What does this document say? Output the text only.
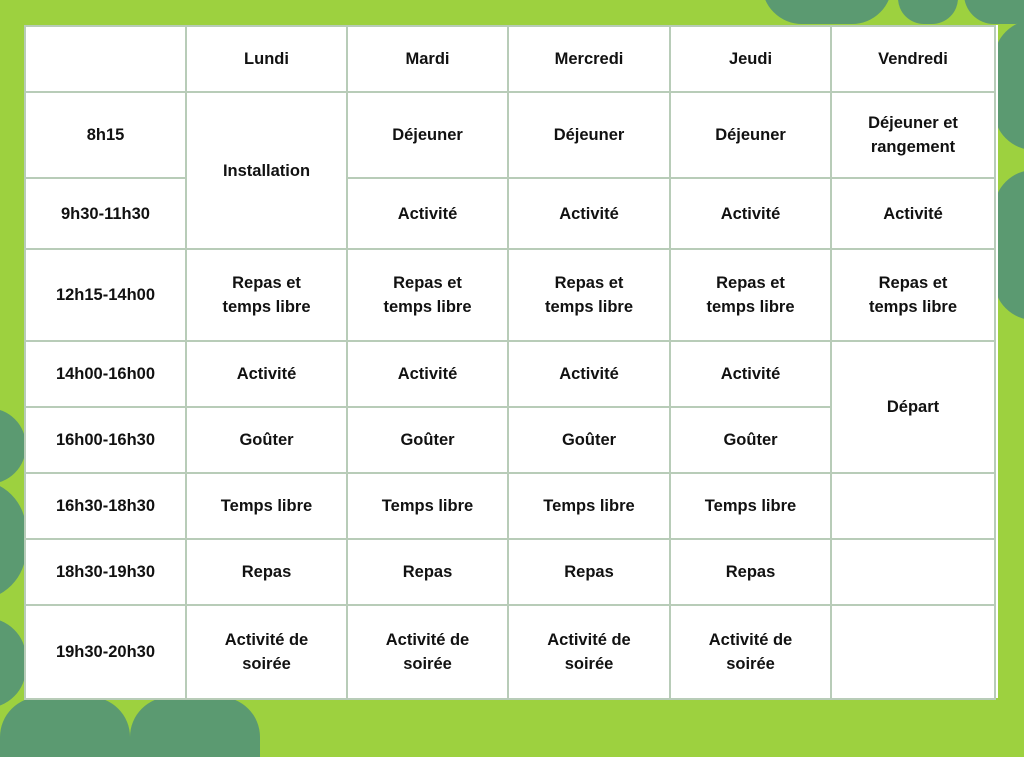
	Lundi	Mardi	Mercredi	Jeudi	Vendredi
8h15	Installation	Déjeuner	Déjeuner	Déjeuner	Déjeuner et
rangement
9h30-11h30		Activité	Activité	Activité	Activité
12h15-14h00	Repas et
temps libre	Repas et
temps libre	Repas et
temps libre	Repas et
temps libre	Repas et
temps libre
14h00-16h00	Activité	Activité	Activité	Activité	Départ
16h00-16h30	Goûter	Goûter	Goûter	Goûter	
16h30-18h30	Temps libre	Temps libre	Temps libre	Temps libre	
18h30-19h30	Repas	Repas	Repas	Repas	
19h30-20h30	Activité de
soirée	Activité de
soirée	Activité de
soirée	Activité de
soirée	
